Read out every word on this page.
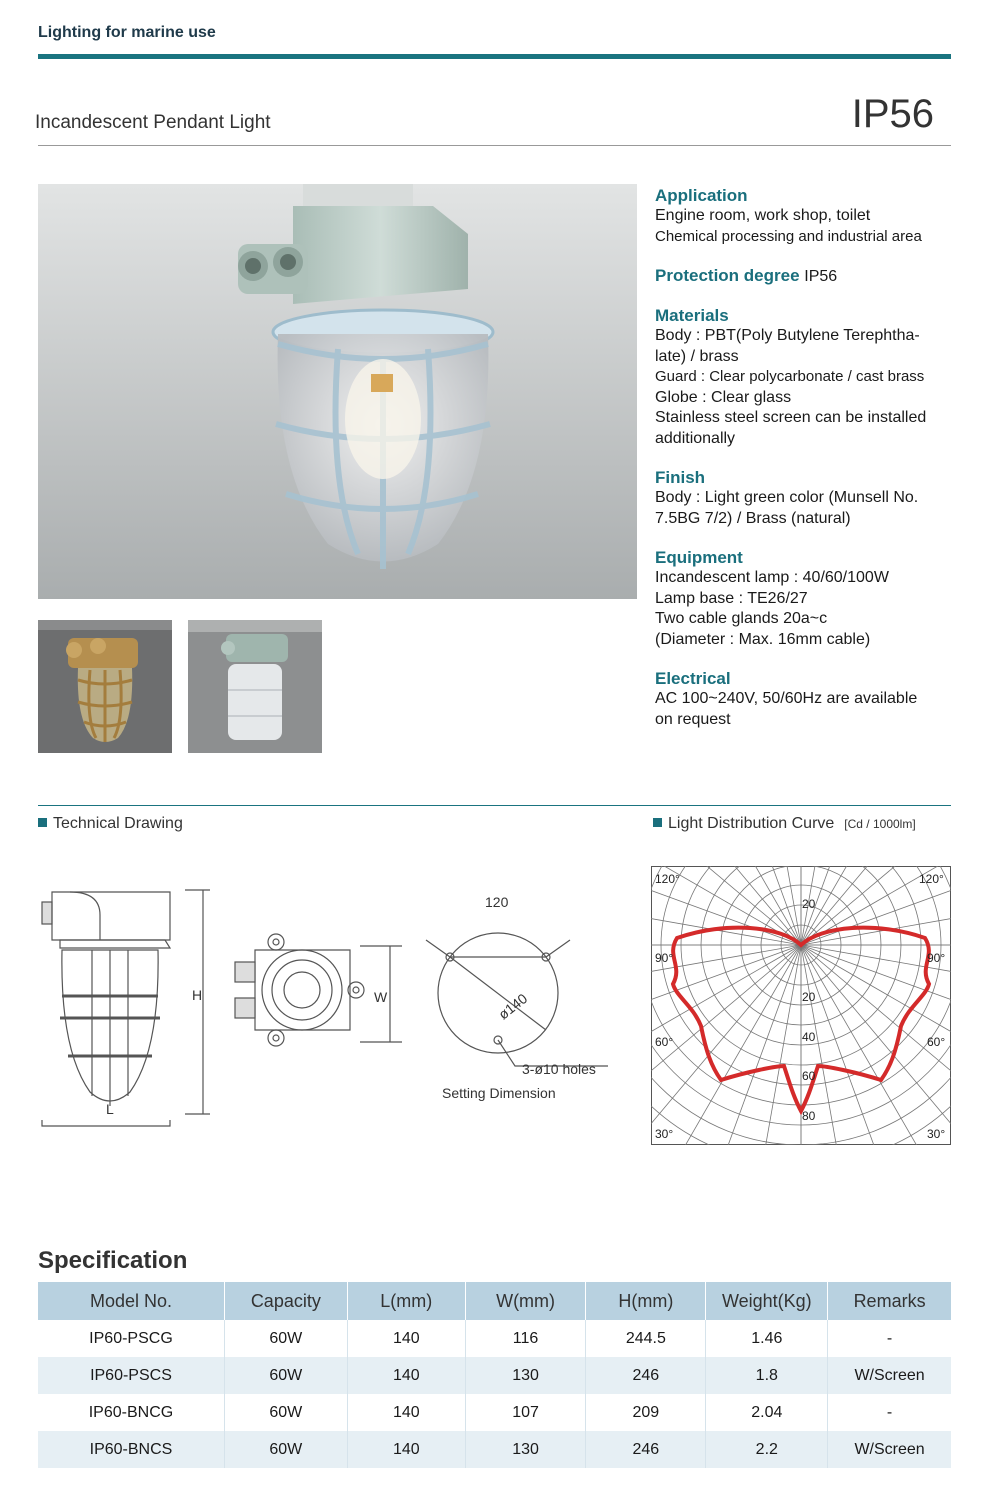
Lighting for marine use
Incandescent Pendant Light	IP56
Application
Engine room, work shop, toilet
Chemical processing and industrial area
Protection degree IP56
Materials
Body : PBT(Poly Butylene Terephtha-
late) / brass
Guard : Clear polycarbonate / cast brass
Globe : Clear glass
Stainless steel screen can be installed
additionally
Finish
Body : Light green color (Munsell No.
7.5BG 7/2) / Brass (natural)
Equipment
Incandescent lamp : 40/60/100W
Lamp base : TE26/27
Two cable glands 20a~c
(Diameter : Max. 16mm cable)
Electrical
AC 100~240V, 50/60Hz are available
on request
Technical Drawing	Light Distribution Curve [Cd / 1000lm]
H
L
W
120
ø140
3-ø10 holes
Setting Dimension
120°	120°
90°	90°
60°	60°
30°	30°
20
20
40
60
80
Specification
Model No.	Capacity	L(mm)	W(mm)	H(mm)	Weight(Kg)	Remarks
IP60-PSCG	60W	140	116	244.5	1.46	-
IP60-PSCS	60W	140	130	246	1.8	W/Screen
IP60-BNCG	60W	140	107	209	2.04	-
IP60-BNCS	60W	140	130	246	2.2	W/Screen
